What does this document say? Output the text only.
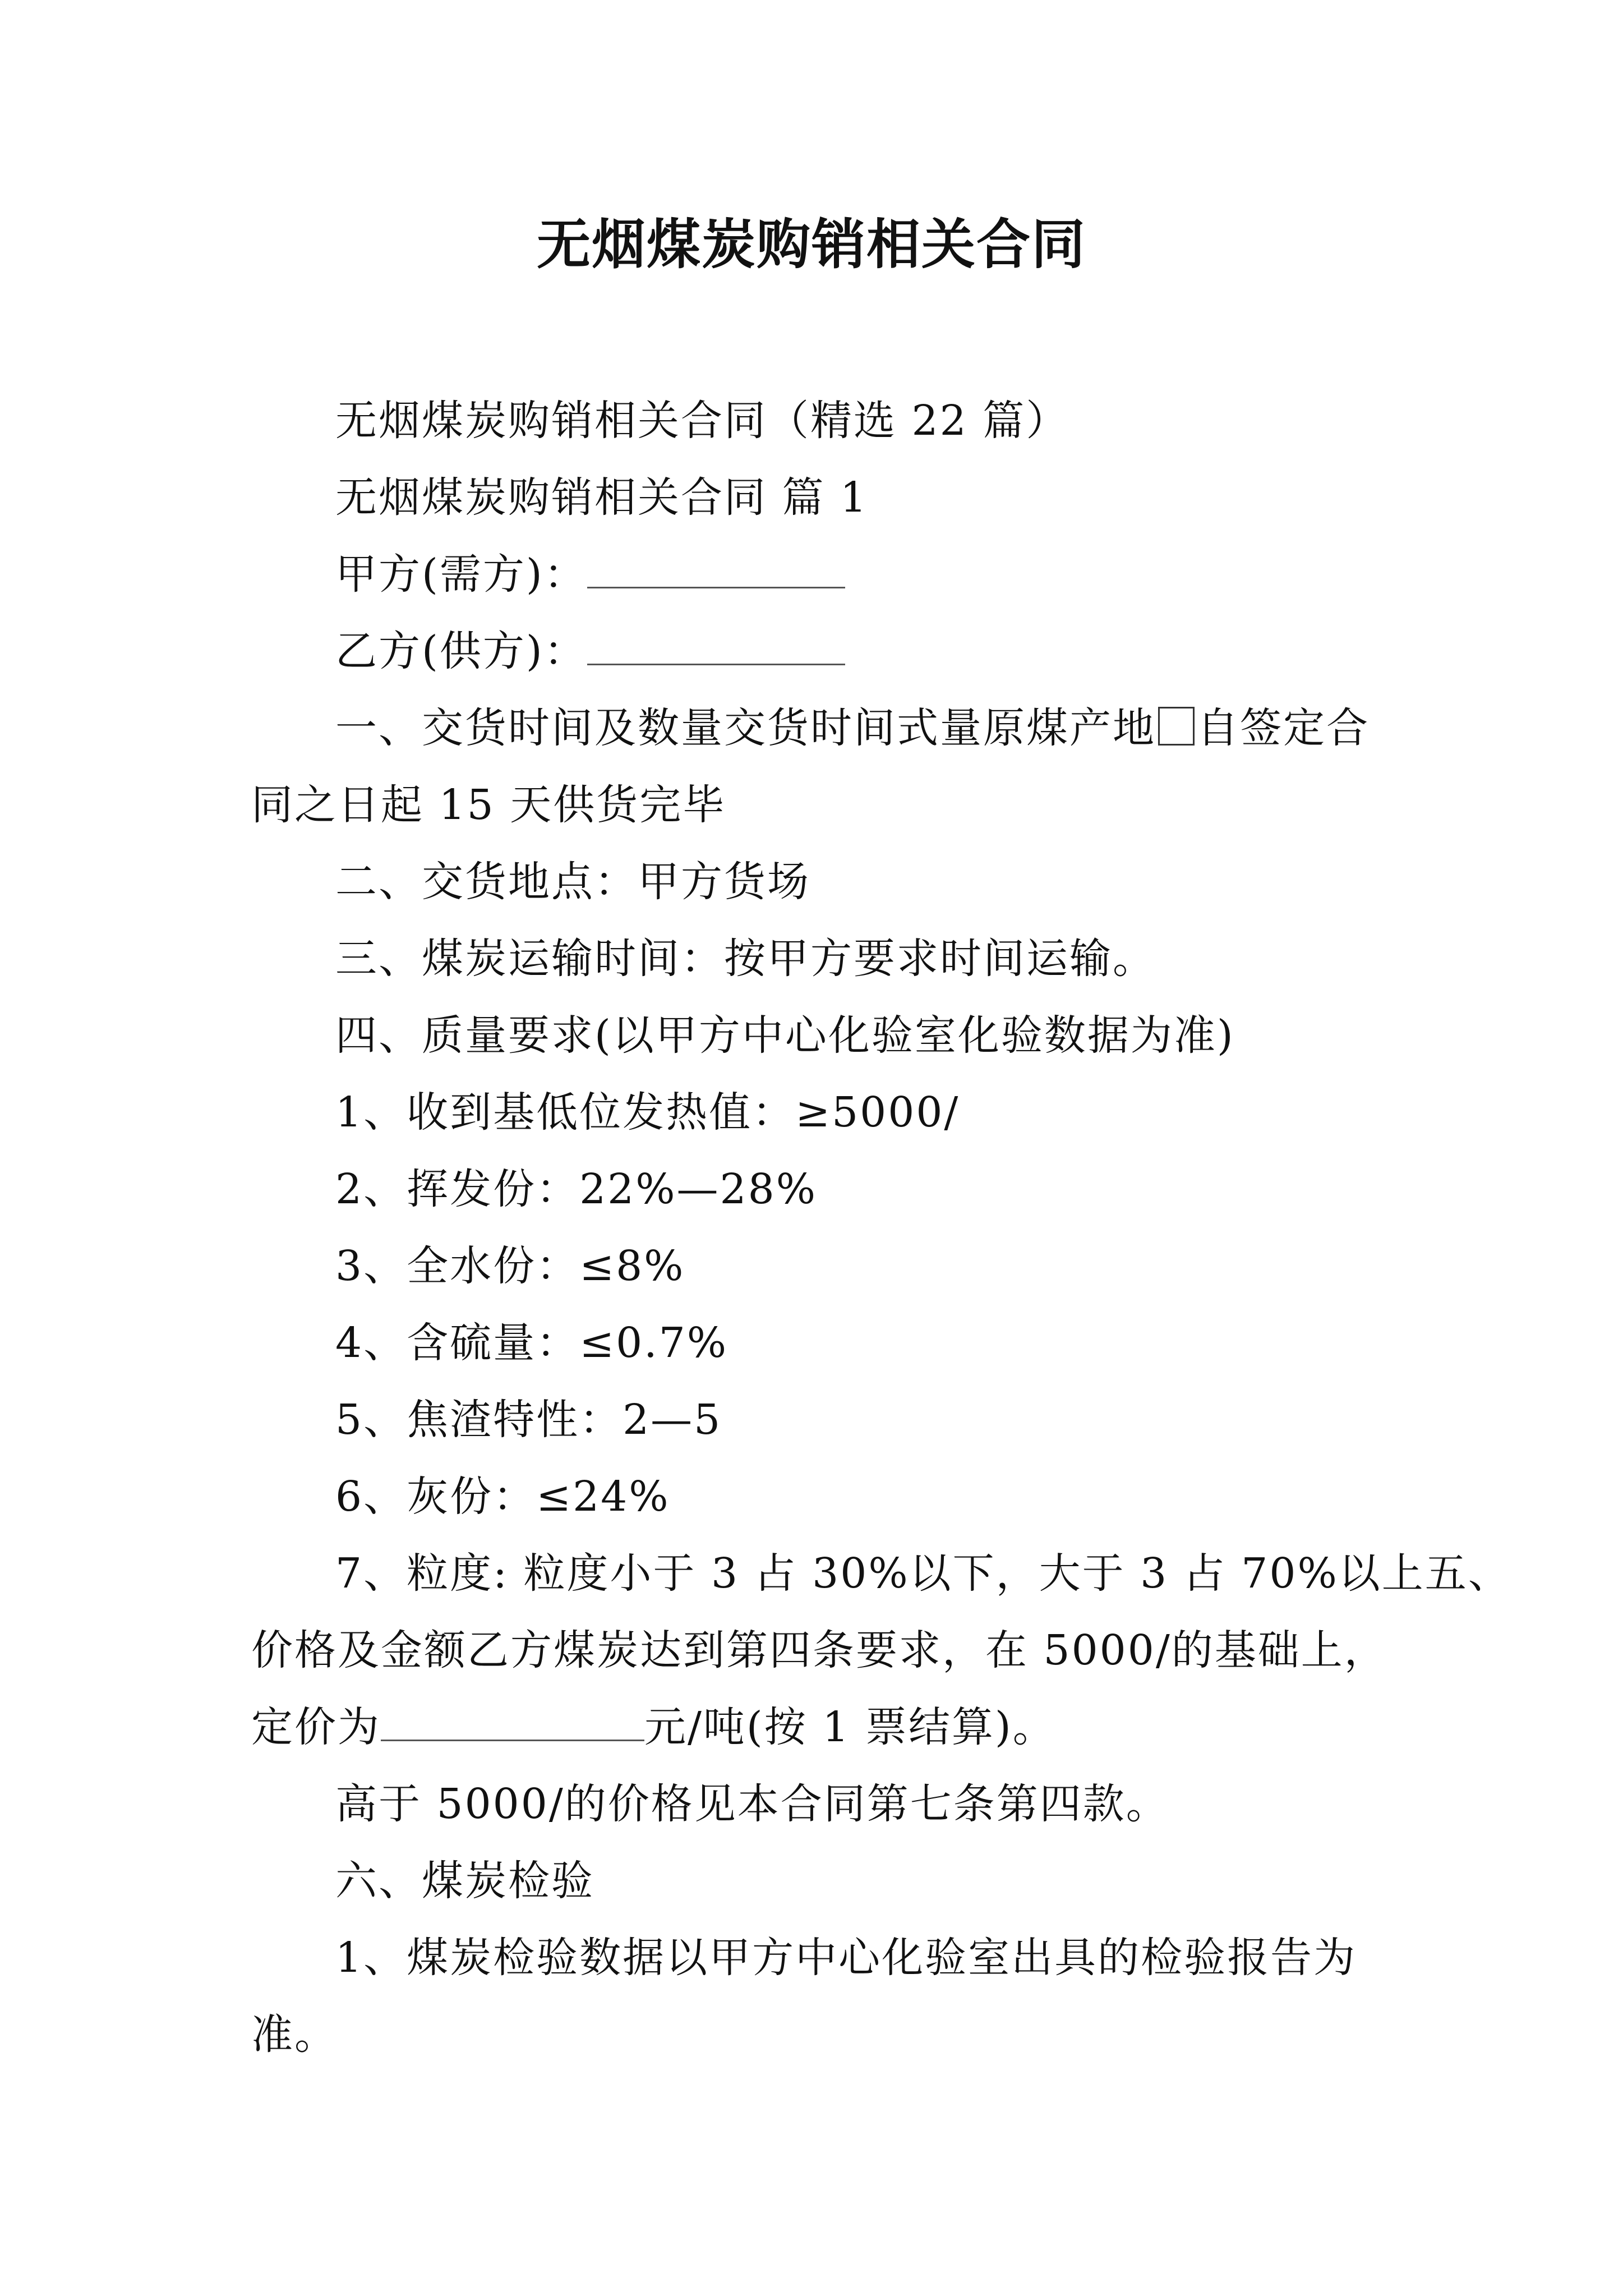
无烟煤炭购销相关合同

无烟煤炭购销相关合同（精选 22 篇）

无烟煤炭购销相关合同 篇 1

甲方(需方)：

乙方(供方)：

一、交货时间及数量交货时间式量原煤产地 自签定合

同之日起 15 天供货完毕

二、交货地点：甲方货场

三、煤炭运输时间：按甲方要求时间运输。

四、质量要求(以甲方中心化验室化验数据为准)

1、收到基低位发热值：≥5000/

2、挥发份：22%—28%

3、全水份：≤8%

4、含硫量：≤0.7%

5、焦渣特性：2—5

6、灰份：≤24%

7、粒度: 粒度小于 3 占 30%以下，大于 3 占 70%以上五、

价格及金额乙方煤炭达到第四条要求，在 5000/的基础上，

定价为	元/吨(按 1 票结算)。

高于 5000/的价格见本合同第七条第四款。

六、煤炭检验

1、煤炭检验数据以甲方中心化验室出具的检验报告为

准。
